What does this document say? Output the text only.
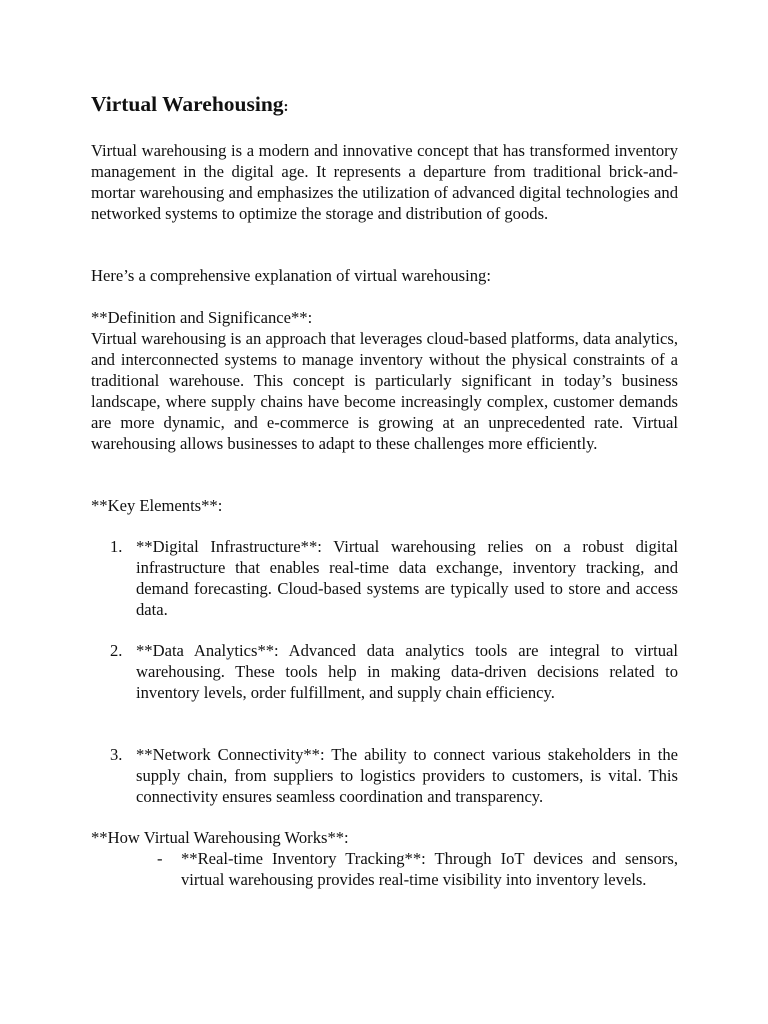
Virtual Warehousing:
Virtual warehousing is a modern and innovative concept that has transformed inventory management in the digital age. It represents a departure from traditional brick-and-mortar warehousing and emphasizes the utilization of advanced digital technologies and networked systems to optimize the storage and distribution of goods.
Here’s a comprehensive explanation of virtual warehousing:
**Definition and Significance**:
Virtual warehousing is an approach that leverages cloud-based platforms, data analytics, and interconnected systems to manage inventory without the physical constraints of a traditional warehouse. This concept is particularly significant in today’s business landscape, where supply chains have become increasingly complex, customer demands are more dynamic, and e-commerce is growing at an unprecedented rate. Virtual warehousing allows businesses to adapt to these challenges more efficiently.
**Key Elements**:
1. **Digital Infrastructure**: Virtual warehousing relies on a robust digital infrastructure that enables real-time data exchange, inventory tracking, and demand forecasting. Cloud-based systems are typically used to store and access data.
2. **Data Analytics**: Advanced data analytics tools are integral to virtual warehousing. These tools help in making data-driven decisions related to inventory levels, order fulfillment, and supply chain efficiency.
3. **Network Connectivity**: The ability to connect various stakeholders in the supply chain, from suppliers to logistics providers to customers, is vital. This connectivity ensures seamless coordination and transparency.
**How Virtual Warehousing Works**:
- **Real-time Inventory Tracking**: Through IoT devices and sensors, virtual warehousing provides real-time visibility into inventory levels.
